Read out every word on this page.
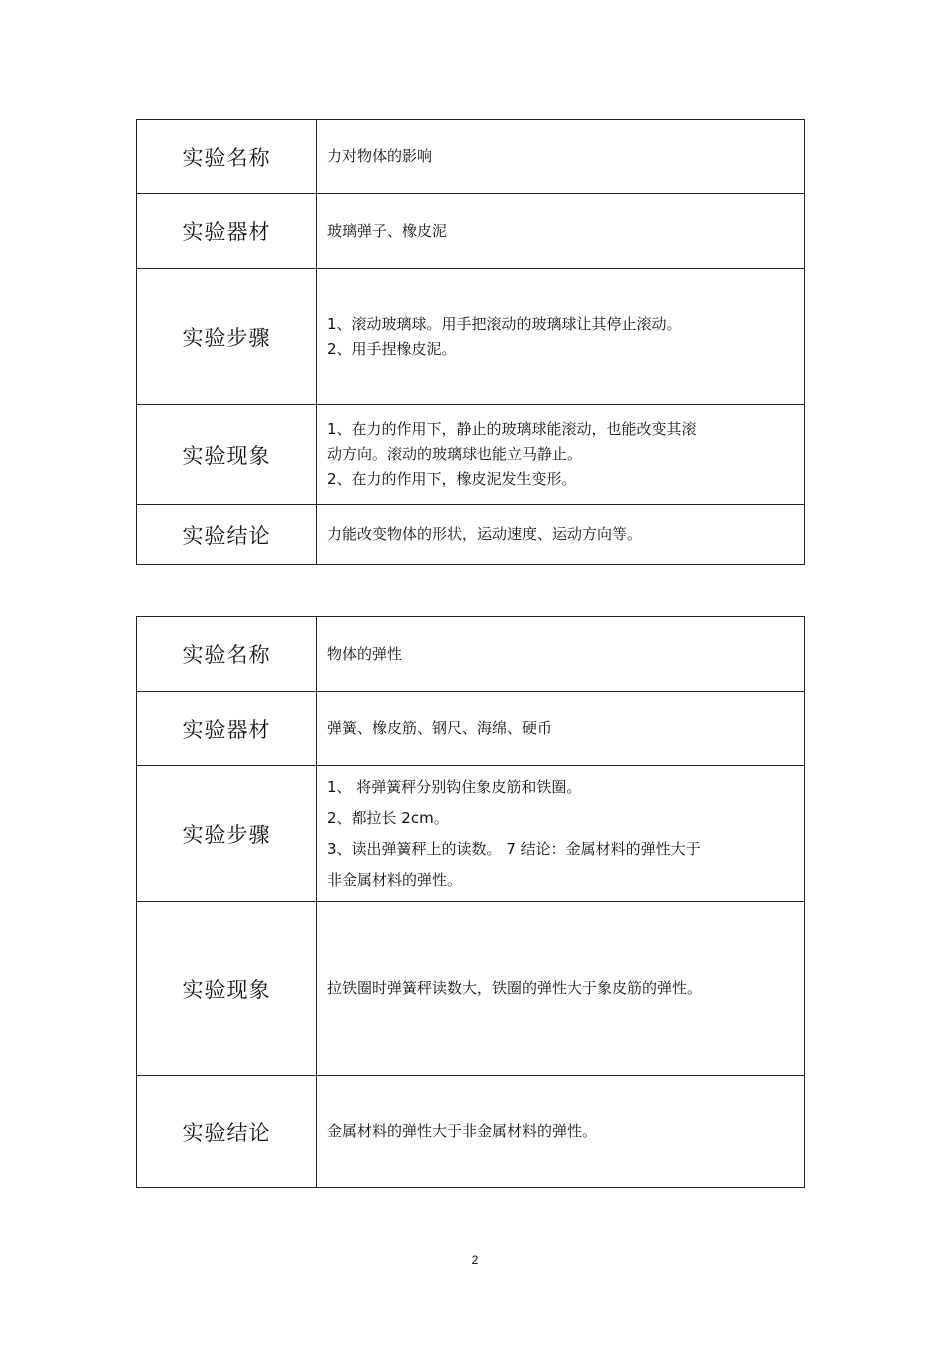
实验名称	力对物体的影响

实验器材	玻璃弹子、橡皮泥

实验步骤	1、滚动玻璃球。用手把滚动的玻璃球让其停止滚动。
2、用手捏橡皮泥。

实验现象	1、在力的作用下，静止的玻璃球能滚动，也能改变其滚
动方向。滚动的玻璃球也能立马静止。
2、在力的作用下，橡皮泥发生变形。

实验结论	力能改变物体的形状，运动速度、运动方向等。
实验名称	物体的弹性

实验器材	弹簧、橡皮筋、钢尺、海绵、硬币

实验步骤	1、 将弹簧秤分别钩住象皮筋和铁圈。
2、都拉长 2cm。
3、读出弹簧秤上的读数。 7 结论：金属材料的弹性大于
非金属材料的弹性。

实验现象	拉铁圈时弹簧秤读数大，铁圈的弹性大于象皮筋的弹性。

实验结论	金属材料的弹性大于非金属材料的弹性。
2
